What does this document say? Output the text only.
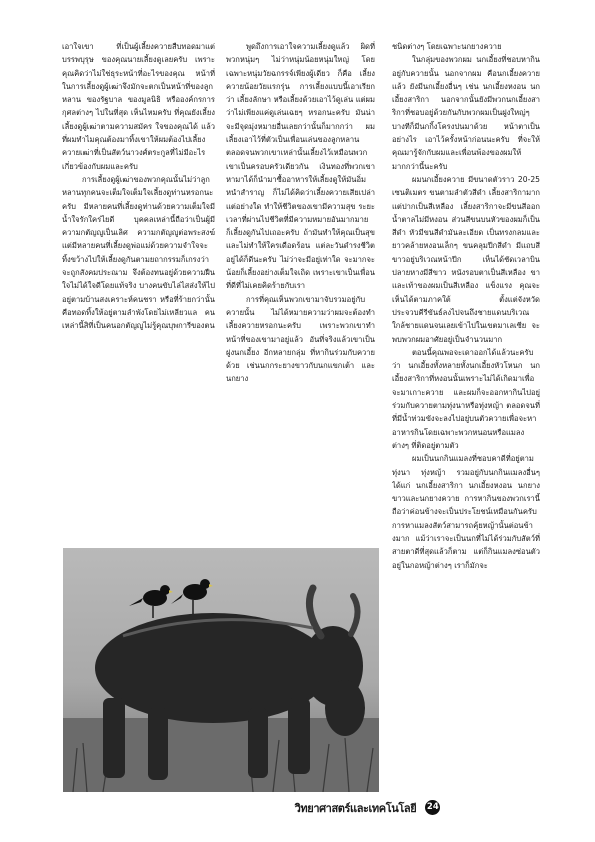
เอาใจเขา ที่เป็นผู้เลี้ยงควายสืบทอดมาแต่บรรพบุรุษ ของคุณนายเลี้ยงดูเลยครับ เพราะคุณคิดว่าไม่ใช่ธุระหน้าที่อะไรของคุณ หน้าที่ในการเลี้ยงดูผู้เฒ่าจึงมักจะตกเป็นหน้าที่ของลูกหลาน ของรัฐบาล ของมูลนิธิ หรือองค์กรการกุศลต่างๆ ไปในที่สุด เห็นไหมครับ ที่คุณยังเลี้ยงเลี้ยงดูผู้เฒ่าตามความสมัคร ใจของคุณได้ แล้วที่ผมทำไมคุณต้องมาทิ้งเขาให้ผมต้องไปเลี้ยงควายเฒ่าที่เป็นสัตว์นาวงศ์ตระกูลที่ไม่มีอะไรเกี่ยวข้องกับผมและครับ

การเลี้ยงดูผู้เฒ่าของพวกคุณนั้นไม่ว่าลูกหลานทุกคนจะเต็มใจเต็มใจเลี้ยงดูท่านหรอกนะครับ มีหลายคนที่เลี้ยงดูท่านด้วยความเต็มใจมีน้ำใจรักใคร่ไยดี บุคคลเหล่านี้ถือว่าเป็นผู้มีความกตัญญูเป็นเลิศ ความกตัญญูต่อพระสงฆ์ แต่มีหลายคนที่เลี้ยงดูพ่อแม่ด้วยความจำใจจะทิ้งขว้างไปให้เลี้ยงดูกันตามยถากรรมก็เกรงว่าจะถูกสังคมประณาม จึงต้องทนอยู่ด้วยความฝืนใจไม่ได้ใจดีโดยแท้จริง บางคนขับไล่ไสส่งให้ไปอยู่ตามบ้านสงเคราะห์คนชรา หรือที่ร้ายกว่านั้นคือทอดทิ้งให้อยู่ตามลำพังโดยไม่เหลียวแล คนเหล่านี้สิที่เป็นคนอกตัญญูไม่รู้คุณบุพการีของตน

พูดถึงการเอาใจความเลี้ยงดูแล้ว ผิดที่พวกหนุ่มๆ ไม่ว่าหนุ่มน้อยหนุ่มใหญ่ โดยเฉพาะหนุ่มวัยฉกรรจ์เพียงผู้เดียว ก็คือ เลี้ยงควายน้อยวัยแรกรุ่น การเลี้ยงแบบนี้เอาเรียกว่า เลี้ยงลักษา หรือเลี้ยงด้วยเอาไว้ดูเล่น แต่ผมว่าไม่เพียงแค่ดูเล่นเฉยๆ หรอกนะครับ มันน่าจะมีจุดมุ่งหมายอื่นเลยกว่านั้นก็มากกว่า ผมเลี้ยงเอาไว้ที่ตัวเป็นเพื่อนเล่นของลูกหลานตลอดจนพวกเขาเหล่านั้นเลี้ยงไว้เหมือนพวกเขาเป็นครอบครัวเดียวกัน เงินทองที่พวกเขาหามาได้ก็นำมาซื้ออาหารให้เลี้ยงดูให้มันอิ่มหนำสำราญ ก็ไม่ได้คิดว่าเลี้ยงควายเสียเปล่าแต่อย่างใด ทำให้ชีวิตของเขามีความสุข ระยะเวลาที่ผ่านไปชีวิตที่มีความหมายอันมากมาย ก็เลี้ยงดูกันไปเถอะครับ ถ้ามันทำให้คุณเป็นสุขและไม่ทำให้ใครเดือดร้อน แต่ละวันดำรงชีวิตอยู่ได้ก็ดีนะครับ ไม่ว่าจะมีอยู่เท่าใด จะมากจะน้อยก็เลี้ยงอย่างเต็มใจเถิด เพราะเขาเป็นเพื่อนที่ดีที่ไม่เคยคิดร้ายกับเรา

การที่คุณเห็นพวกเขามาจับรวมอยู่กับควายนั้น ไม่ได้หมายความว่าผมจะต้องทำเลี้ยงควายหรอกนะครับ เพราะพวกเขาทำหน้าที่ของเขามาอยู่แล้ว อันที่จริงแล้วเขาเป็นฝูงนกเอี้ยง อีกหลายกลุ่ม ที่หากินร่วมกับควายด้วย เช่นนกกระยางขาวกับนกแขกเต้า และนกยาง

ชนิดต่างๆ โดยเฉพาะนกยางควาย

ในกลุ่มของพวกผม นกเอี้ยงที่ชอบหากินอยู่กับควายนั้น นอกจากผม คือนกเอี้ยงควายแล้ว ยังมีนกเอี้ยงอื่นๆ เช่น นกเอี้ยงหงอน นกเอี้ยงสาริกา นอกจากนั้นยังมีพวกนกเอี้ยงสาริกาที่ชอบอยู่ด้วยกันกับพวกผมเป็นฝูงใหญ่ๆ บางทีก็มีนกกิ้งโครงปนมาด้วย หน้าตาเป็นอย่างไร เอาไว้ครั้งหน้าก่อนนะครับ ที่จะให้คุณมารู้จักกับผมและเพื่อนพ้องของผมให้มากกว่านี้นะครับ

ผมนกเอี้ยงควาย มีขนาดตัวราว 20-25 เซนติเมตร ขนตามลำตัวสีดำ เลี้ยงสาริกามาก แต่ปากเป็นสีเหลือง เลี้ยงสาริกาจะมีขนสีออกน้ำตาลไม่มีหงอน ส่วนสีขนบนหัวของผมก็เป็นสีดำ หัวมีขนสีดำมันละเอียด เป็นทรงกลมและยาวคล้ายหงอนเล็กๆ ขนคลุมปีกสีดำ มีแถบสีขาวอยู่บริเวณหน้าปีก เห็นได้ชัดเวลาบิน ปลายหางมีสีขาว หนังรอบตาเป็นสีเหลือง ขาและเท้าของผมเป็นสีเหลือง แข็งแรง คุณจะเห็นได้ตามภาคใต้ ตั้งแต่จังหวัดประจวบคีรีขันธ์ลงไปจนถึงชายแดนบริเวณใกล้ชายแดนจนเลยเข้าไปในเขตมาเลเซีย จะพบพวกผมอาศัยอยู่เป็นจำนวนมาก

ตอนนี้คุณพอจะเดาออกได้แล้วนะครับว่า นกเอี้ยงทั้งหลายทั้งนกเอี้ยงหัวโหนก นกเอี้ยงสาริกาที่หงอนนั้นเพราะไม่ได้เกิดมาเพื่อจะมาเกาะควาย และผมก็จะออกหากินไปอยู่ร่วมกับควายตามทุ่งนาหรือทุ่งหญ้า ตลอดจนที่ที่มีน้ำท่วมขังจะลงไปอยู่บนตัวควายเพื่อจะหาอาหารกินโดยเฉพาะพวกหนอนหรือแมลงต่างๆ ที่ติดอยู่ตามตัว

ผมเป็นนกกินแมลงที่ชอบคาดีที่อยู่ตามทุ่งนา ทุ่งหญ้า รวมอยู่กับนกกินแมลงอื่นๆ ได้แก่ นกเอี้ยงสาริกา นกเอี้ยงหงอน นกยางขาวและนกยางควาย การหากินของพวกเรานี้ถือว่าค่อนข้างจะเป็นประโยชน์เหมือนกันครับ การหาแมลงสัตว์สามารถคุ้ยหญ้านั้นต่อนข้างมาก แม้ว่าเราจะเป็นนกที่ไม่ได้ร่วมกับสัตว์ที่สายตาดีที่สุดแล้วก็ตาม แต่ก็กินแมลงซ่อนตัวอยู่ในกอหญ้าต่างๆ เราก็มักจะ

วิทยาศาสตร์และเทคโนโลยี 24
